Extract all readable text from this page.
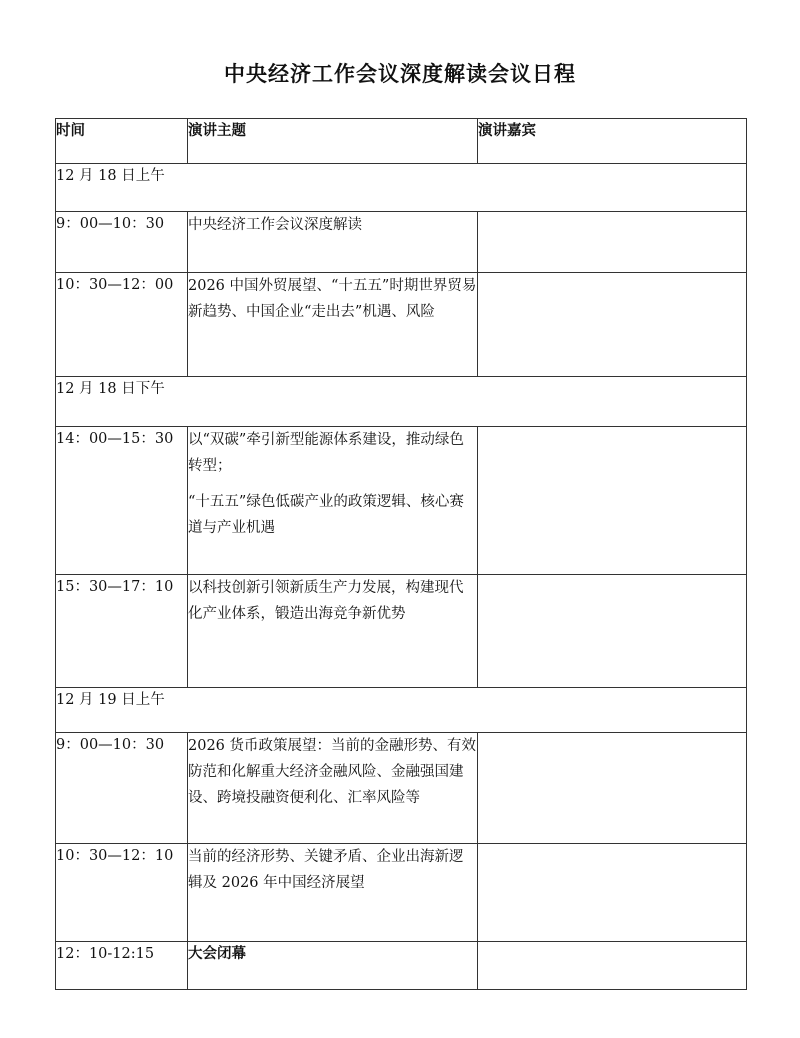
中央经济工作会议深度解读会议日程
时间	演讲主题	演讲嘉宾
12 月 18 日上午		
9：00—10：30	中央经济工作会议深度解读	

10：30—12：00	2026 中国外贸展望、“十五五”时期世界贸易新趋势、中国企业“走出去”机遇、风险	

12 月 18 日下午		
14：00—15：30	以“双碳”牵引新型能源体系建设，推动绿色转型；

“十五五”绿色低碳产业的政策逻辑、核心赛道与产业机遇	

15：30—17：10	以科技创新引领新质生产力发展，构建现代化产业体系，锻造出海竞争新优势	

12 月 19 日上午		
9：00—10：30	2026 货币政策展望：当前的金融形势、有效防范和化解重大经济金融风险、金融强国建设、跨境投融资便利化、汇率风险等	

10：30—12：10	当前的经济形势、关键矛盾、企业出海新逻辑及 2026 年中国经济展望	

12：10-12:15	大会闭幕	
